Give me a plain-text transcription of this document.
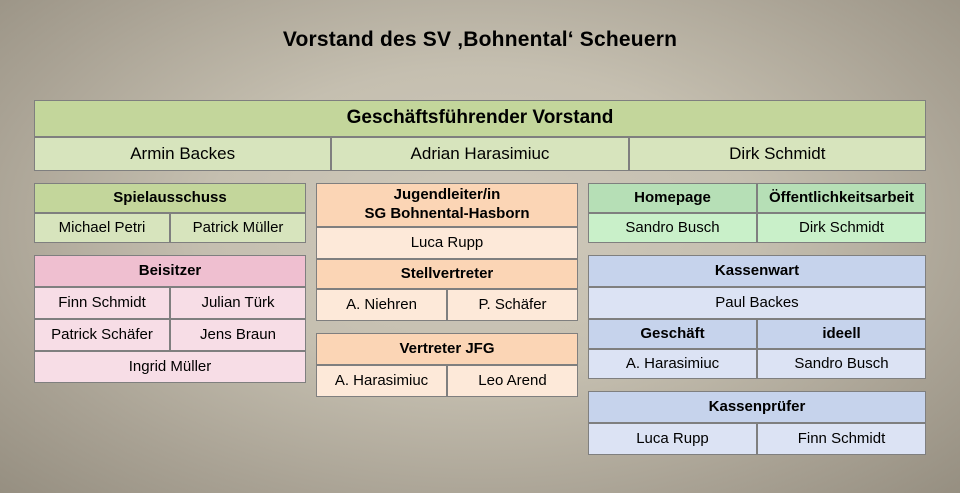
Vorstand des SV ‚Bohnental‘ Scheuern
Geschäftsführender Vorstand
Armin Backes	Adrian Harasimiuc	Dirk Schmidt
Spielausschuss
Michael Petri	Patrick Müller
Beisitzer
Finn Schmidt	Julian Türk
Patrick Schäfer	Jens Braun
Ingrid Müller
Jugendleiter/in
SG Bohnental-Hasborn
Luca Rupp
Stellvertreter
A. Niehren	P. Schäfer
Vertreter JFG
A. Harasimiuc	Leo Arend
Homepage	Öffentlichkeitsarbeit
Sandro Busch	Dirk Schmidt
Kassenwart
Paul Backes
Geschäft	ideell
A. Harasimiuc	Sandro Busch
Kassenprüfer
Luca Rupp	Finn Schmidt
